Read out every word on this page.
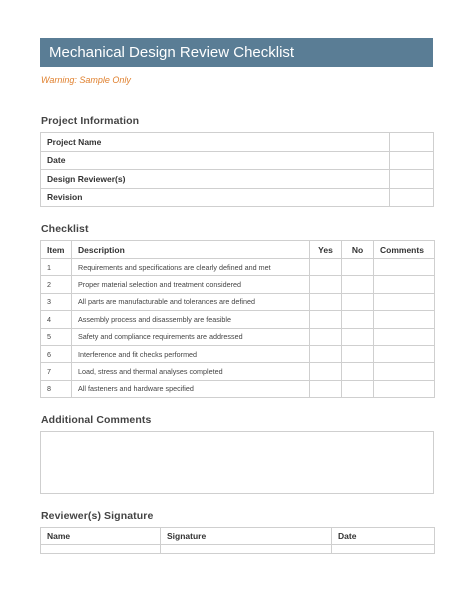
Mechanical Design Review Checklist
Warning: Sample Only
Project Information
Project Name	
Date	
Design Reviewer(s)	
Revision	
Checklist
Item	Description	Yes	No	Comments
1	Requirements and specifications are clearly defined and met			
2	Proper material selection and treatment considered			
3	All parts are manufacturable and tolerances are defined			
4	Assembly process and disassembly are feasible			
5	Safety and compliance requirements are addressed			
6	Interference and fit checks performed			
7	Load, stress and thermal analyses completed			
8	All fasteners and hardware specified			
Additional Comments
Reviewer(s) Signature
Name	Signature	Date
